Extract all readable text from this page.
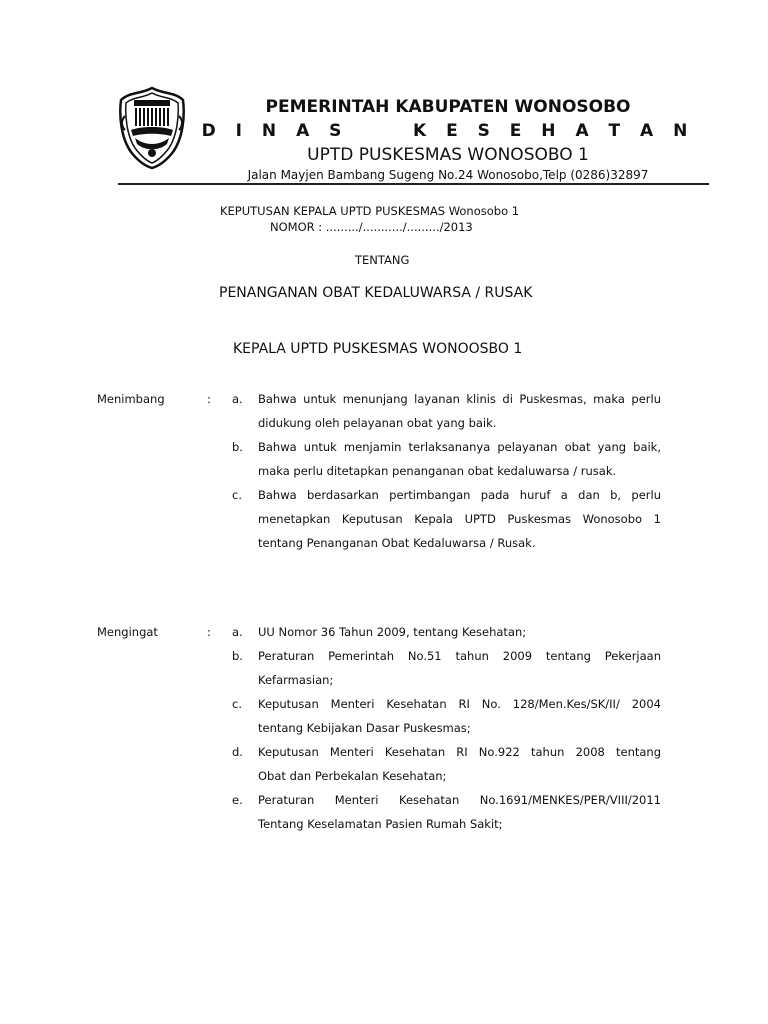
PEMERINTAH KABUPATEN WONOSOBO
D I N A S     K E S E H A T A N
UPTD PUSKESMAS WONOSOBO 1
Jalan Mayjen Bambang Sugeng No.24 Wonosobo,Telp (0286)32897
KEPUTUSAN KEPALA UPTD PUSKESMAS Wonosobo 1
NOMOR : ........./.........../........./2013
TENTANG
PENANGANAN OBAT KEDALUWARSA / RUSAK
KEPALA UPTD PUSKESMAS WONOOSBO 1
Menimbang	: a. Bahwa untuk menunjang layanan klinis di Puskesmas, maka perlu
didukung oleh pelayanan obat yang baik.
b. Bahwa untuk menjamin terlaksananya pelayanan obat yang baik,
maka perlu ditetapkan penanganan obat kedaluwarsa / rusak.
c. Bahwa berdasarkan pertimbangan pada huruf a dan b, perlu
menetapkan Keputusan Kepala UPTD Puskesmas Wonosobo 1
tentang Penanganan Obat Kedaluwarsa / Rusak.
Mengingat	: a. UU Nomor 36 Tahun 2009, tentang Kesehatan;
b. Peraturan Pemerintah No.51 tahun 2009 tentang Pekerjaan
Kefarmasian;
c. Keputusan Menteri Kesehatan RI No. 128/Men.Kes/SK/II/ 2004
tentang Kebijakan Dasar Puskesmas;
d. Keputusan Menteri Kesehatan RI No.922 tahun 2008 tentang
Obat dan Perbekalan Kesehatan;
e. Peraturan Menteri Kesehatan No.1691/MENKES/PER/VIII/2011
Tentang Keselamatan Pasien Rumah Sakit;
